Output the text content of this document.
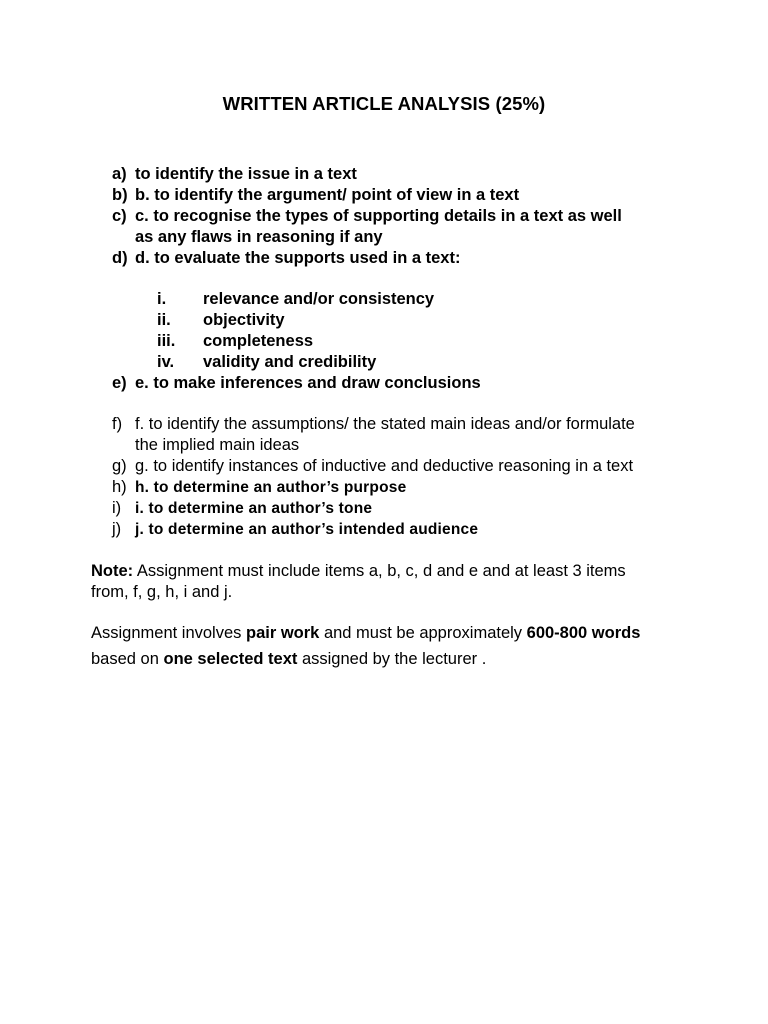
WRITTEN ARTICLE ANALYSIS (25%)
a) to identify the issue in a text
b) b. to identify the argument/ point of view in a text
c) c. to recognise the types of supporting details in a text as well
as any flaws in reasoning if any
d) d. to evaluate the supports used in a text:
i. relevance and/or consistency
ii. objectivity
iii. completeness
iv. validity and credibility
e) e. to make inferences and draw conclusions
f) f. to identify the assumptions/ the stated main ideas and/or formulate
the implied main ideas
g) g. to identify instances of inductive and deductive reasoning in a text
h) h. to determine an author’s purpose
i) i. to determine an author’s tone
j) j. to determine an author’s intended audience
Note: Assignment must include items a, b, c, d and e and at least 3 items
from, f, g, h, i and j.
Assignment involves pair work and must be approximately 600-800 words
based on one selected text assigned by the lecturer .
